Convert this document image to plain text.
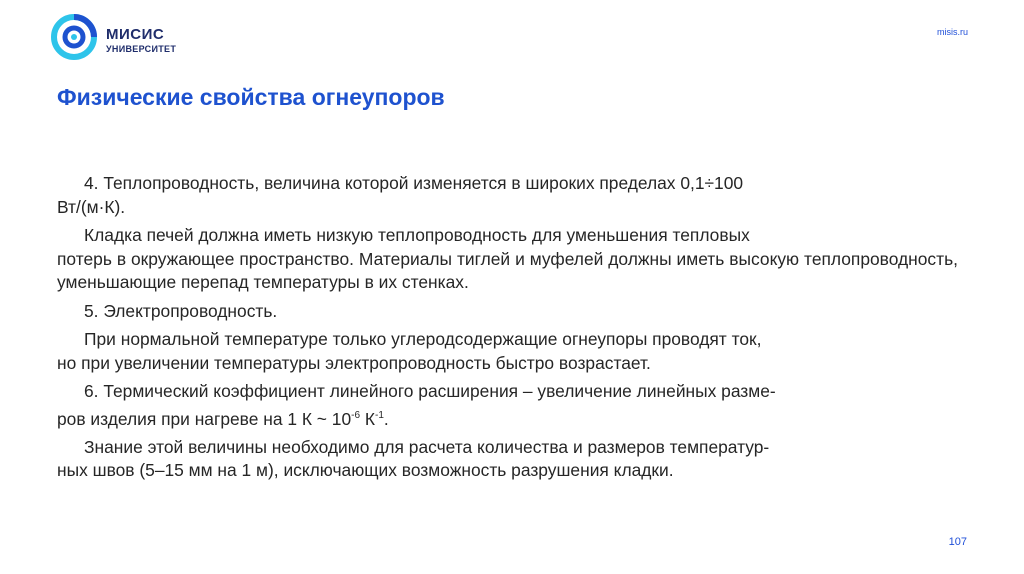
МИСИС
УНИВЕРСИТЕТ
misis.ru
Физические свойства огнеупоров

4. Теплопроводность, величина которой изменяется в широких пределах 0,1÷100
Вт/(м·К).

Кладка печей должна иметь низкую теплопроводность для уменьшения тепловых

потерь в окружающее пространство. Материалы тиглей и муфелей должны иметь высокую теплопроводность, уменьшающие перепад температуры в их стенках.

5. Электропроводность.

При нормальной температуре только углеродсодержащие огнеупоры проводят ток,

но при увеличении температуры электропроводность быстро возрастает.

6. Термический коэффициент линейного расширения – увеличение линейных разме-

ров изделия при нагреве на 1 К ~ $10^{-6}$ $К^{-1}$.

Знание этой величины необходимо для расчета количества и размеров температур-

ных швов (5–15 мм на 1 м), исключающих возможность разрушения кладки.

107
